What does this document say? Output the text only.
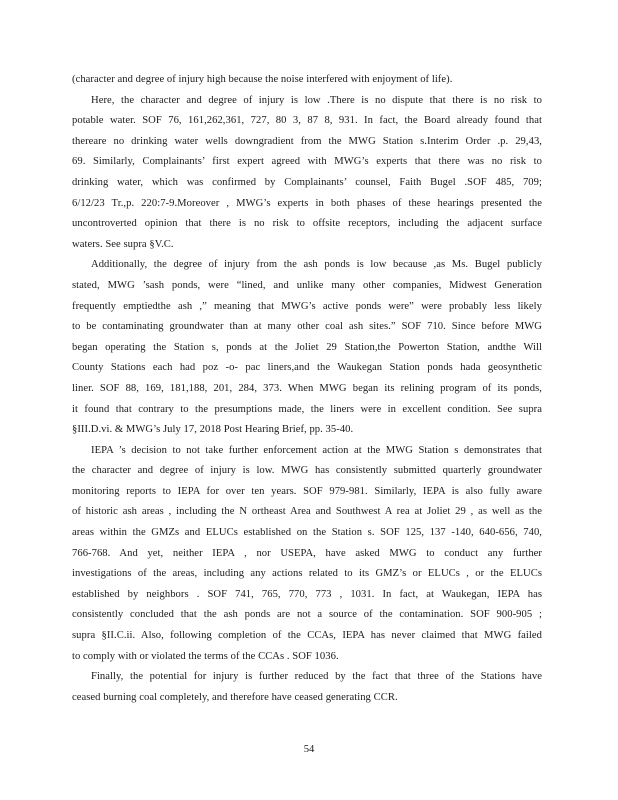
(character and degree of injury high because the noise interfered with enjoyment of life).
Here, the character and degree of injury is low .There is no dispute that there is no risk to
potable water. SOF 76, 161,262,361, 727, 80 3, 87 8, 931. In fact, the Board already found that
thereare no drinking water wells downgradient from the MWG Station s.Interim Order .p. 29,43,
69. Similarly, Complainants’ first expert agreed with MWG’s experts that there was no risk to
drinking water, which was confirmed by Complainants’ counsel, Faith Bugel .SOF 485, 709;
6/12/23 Tr.,p. 220:7-9.Moreover , MWG’s experts in both phases of these hearings presented the
uncontroverted opinion that there is no risk to offsite receptors, including the adjacent surface
waters. See supra §V.C.
Additionally, the degree of injury from the ash ponds is low because ,as Ms. Bugel publicly
stated, MWG ’sash ponds, were “lined, and unlike many other companies, Midwest Generation
frequently emptiedthe ash ,” meaning that MWG’s active ponds were” were probably less likely
to be contaminating groundwater than at many other coal ash sites.” SOF 710. Since before MWG
began operating the Station s, ponds at the Joliet 29 Station,the Powerton Station, andthe Will
County Stations each had poz -o- pac liners,and the Waukegan Station ponds hada geosynthetic
liner. SOF 88, 169, 181,188, 201, 284, 373. When MWG began its relining program of its ponds,
it found that contrary to the presumptions made, the liners were in excellent condition. See supra
§III.D.vi. & MWG’s July 17, 2018 Post Hearing Brief, pp. 35-40.
IEPA ’s decision to not take further enforcement action at the MWG Station s demonstrates that
the character and degree of injury is low. MWG has consistently submitted quarterly groundwater
monitoring reports to IEPA for over ten years. SOF 979-981. Similarly, IEPA is also fully aware
of historic ash areas , including the N ortheast Area and Southwest A rea at Joliet 29 , as well as the
areas within the GMZs and ELUCs established on the Station s. SOF 125, 137 -140, 640-656, 740,
766-768. And yet, neither IEPA , nor USEPA, have asked MWG to conduct any further
investigations of the areas, including any actions related to its GMZ’s or ELUCs , or the ELUCs
established by neighbors . SOF 741, 765, 770, 773 , 1031. In fact, at Waukegan, IEPA has
consistently concluded that the ash ponds are not a source of the contamination. SOF 900-905 ;
supra §II.C.ii. Also, following completion of the CCAs, IEPA has never claimed that MWG failed
to comply with or violated the terms of the CCAs . SOF 1036.
Finally, the potential for injury is further reduced by the fact that three of the Stations have
ceased burning coal completely, and therefore have ceased generating CCR.
54
